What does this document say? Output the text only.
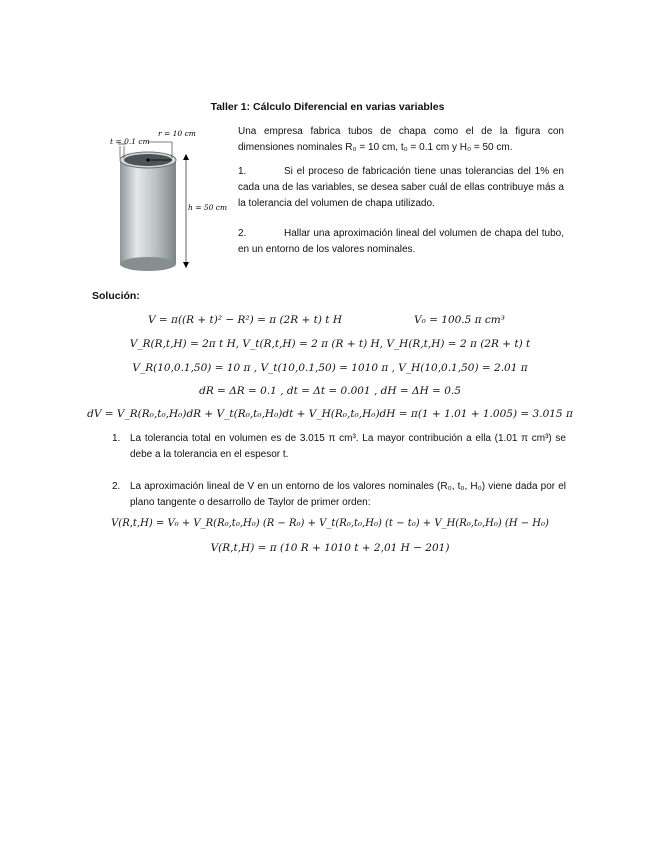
Taller 1: Cálculo Diferencial en varias variables
r = 10 cm
t = 0.1 cm
h = 50 cm
Una empresa fabrica tubos de chapa como el de la figura con dimensiones nominales R₀ = 10 cm, t₀ = 0.1 cm y H₀ = 50 cm.
1.	Si el proceso de fabricación tiene unas tolerancias del 1% en cada una de las variables, se desea saber cuál de ellas contribuye más a la tolerancia del volumen de chapa utilizado.
2.	Hallar una aproximación lineal del volumen de chapa del tubo, en un entorno de los valores nominales.
Solución:
V = π((R + t)² − R²) = π (2R + t) t H	V₀ = 100.5 π cm³
V_R(R,t,H) = 2π t H, V_t(R,t,H) = 2 π (R + t) H, V_H(R,t,H) = 2 π (2R + t) t
V_R(10,0.1,50) = 10 π , V_t(10,0.1,50) = 1010 π , V_H(10,0.1,50) = 2.01 π
dR = ΔR = 0.1 , dt = Δt = 0.001 , dH = ΔH = 0.5
dV = V_R(R₀,t₀,H₀)dR + V_t(R₀,t₀,H₀)dt + V_H(R₀,t₀,H₀)dH = π(1 + 1.01 + 1.005) = 3.015 π
1. La tolerancia total en volumen es de 3.015 π cm³. La mayor contribución a ella (1.01 π cm³) se debe a la tolerancia en el espesor t.
2. La aproximación lineal de V en un entorno de los valores nominales (R₀, t₀, H₀) viene dada por el plano tangente o desarrollo de Taylor de primer orden:
V(R,t,H) = V₀ + V_R(R₀,t₀,H₀) (R − R₀) + V_t(R₀,t₀,H₀) (t − t₀) + V_H(R₀,t₀,H₀) (H − H₀)
V(R,t,H) = π (10 R + 1010 t + 2,01 H − 201)
